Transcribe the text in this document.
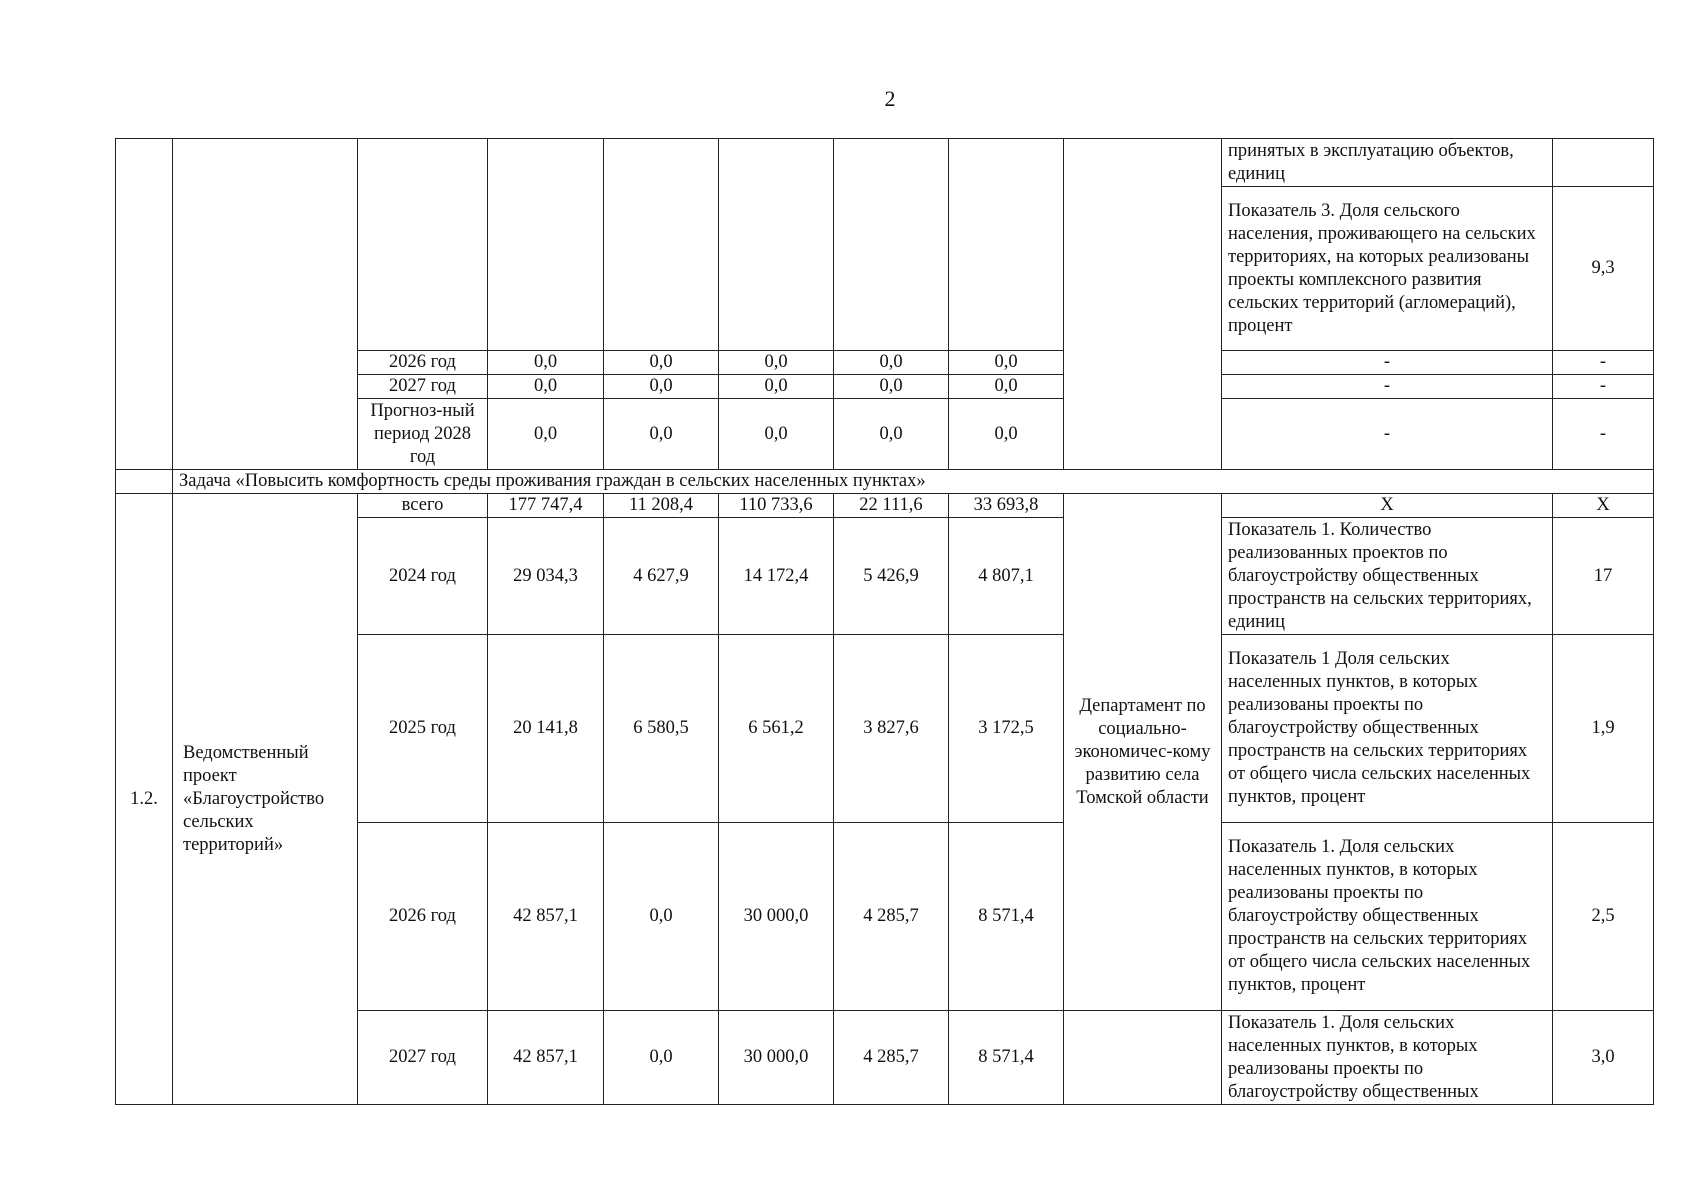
2
									принятых в эксплуатацию объектов, единиц	
									Показатель 3. Доля сельского населения, проживающего на сельских территориях, на которых реализованы проекты комплексного развития сельских территорий (агломераций), процент	9,3
		2026 год	0,0	0,0	0,0	0,0	0,0		-	-
		2027 год	0,0	0,0	0,0	0,0	0,0		-	-
		Прогноз-ный период 2028 год	0,0	0,0	0,0	0,0	0,0		-	-
	Задача «Повысить комфортность среды проживания граждан в сельских населенных пунктах»									
1.2.	Ведомственный проект «Благоустройство сельских территорий»	всего	177 747,4	11 208,4	110 733,6	22 111,6	33 693,8	Департамент по социально-экономичес-кому развитию села Томской области	Х	Х
		2024 год	29 034,3	4 627,9	14 172,4	5 426,9	4 807,1		Показатель 1. Количество реализованных проектов по благоустройству общественных пространств на сельских территориях, единиц	17
		2025 год	20 141,8	6 580,5	6 561,2	3 827,6	3 172,5		Показатель 1 Доля сельских населенных пунктов, в которых реализованы проекты по благоустройству общественных пространств на сельских территориях от общего числа сельских населенных пунктов, процент	1,9
		2026 год	42 857,1	0,0	30 000,0	4 285,7	8 571,4		Показатель 1. Доля сельских населенных пунктов, в которых реализованы проекты по благоустройству общественных пространств на сельских территориях от общего числа сельских населенных пунктов, процент	2,5
		2027 год	42 857,1	0,0	30 000,0	4 285,7	8 571,4		Показатель 1. Доля сельских населенных пунктов, в которых реализованы проекты по благоустройству общественных	3,0
